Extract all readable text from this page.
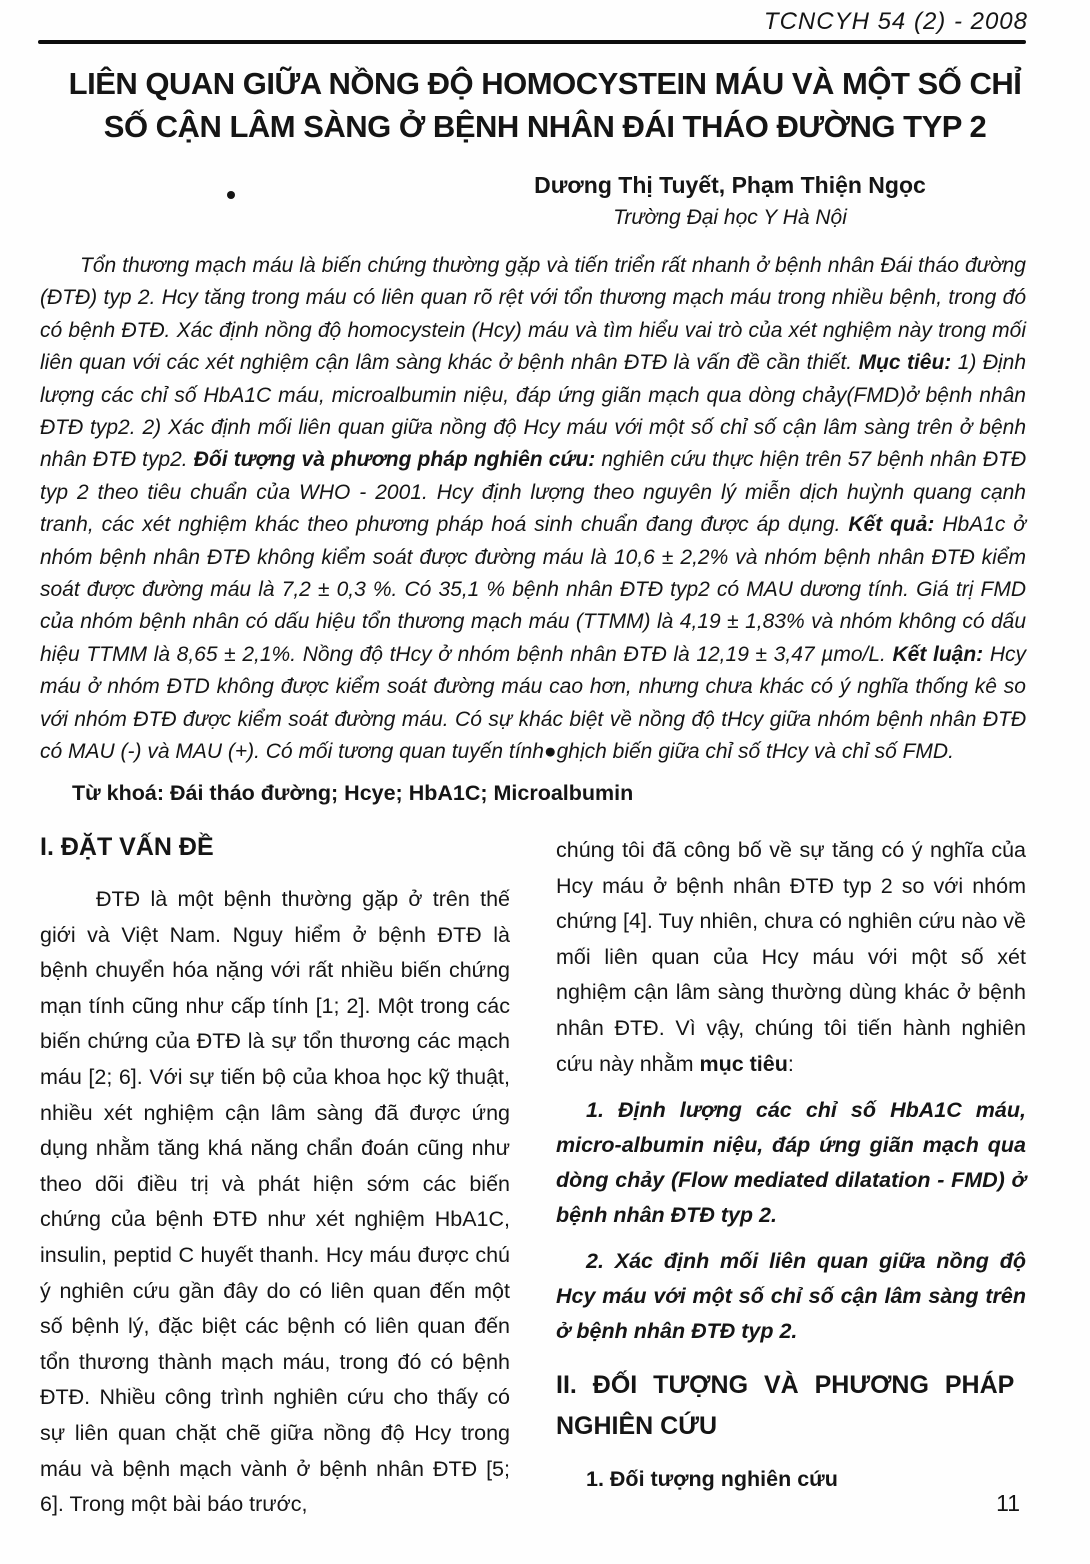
TCNCYH 54 (2) - 2008
LIÊN QUAN GIỮA NỒNG ĐỘ HOMOCYSTEIN MÁU VÀ MỘT SỐ CHỈ
SỐ CẬN LÂM SÀNG Ở BỆNH NHÂN ĐÁI THÁO ĐƯỜNG TYP 2
Dương Thị Tuyết, Phạm Thiện Ngọc
Trường Đại học Y Hà Nội

Tổn thương mạch máu là biến chứng thường gặp và tiến triển rất nhanh ở bệnh nhân Đái tháo đường (ĐTĐ) typ 2. Hcy tăng trong máu có liên quan rõ rệt với tổn thương mạch máu trong nhiều bệnh, trong đó có bệnh ĐTĐ. Xác định nồng độ homocystein (Hcy) máu và tìm hiểu vai trò của xét nghiệm này trong mối liên quan với các xét nghiệm cận lâm sàng khác ở bệnh nhân ĐTĐ là vấn đề cần thiết. Mục tiêu: 1) Định lượng các chỉ số HbA1C máu, microalbumin niệu, đáp ứng giãn mạch qua dòng chảy(FMD)ở bệnh nhân ĐTĐ typ2. 2) Xác định mối liên quan giữa nồng độ Hcy máu với một số chỉ số cận lâm sàng trên ở bệnh nhân ĐTĐ typ2. Đối tượng và phương pháp nghiên cứu: nghiên cứu thực hiện trên 57 bệnh nhân ĐTĐ typ 2 theo tiêu chuẩn của WHO - 2001. Hcy định lượng theo nguyên lý miễn dịch huỳnh quang cạnh tranh, các xét nghiệm khác theo phương pháp hoá sinh chuẩn đang được áp dụng. Kết quả: HbA1c ở nhóm bệnh nhân ĐTĐ không kiểm soát được đường máu là 10,6 ± 2,2% và nhóm bệnh nhân ĐTĐ kiểm soát được đường máu là 7,2 ± 0,3 %. Có 35,1 % bệnh nhân ĐTĐ typ2 có MAU dương tính. Giá trị FMD của nhóm bệnh nhân có dấu hiệu tổn thương mạch máu (TTMM) là 4,19 ± 1,83% và nhóm không có dấu hiệu TTMM là 8,65 ± 2,1%. Nồng độ tHcy ở nhóm bệnh nhân ĐTĐ là 12,19 ± 3,47 µmo/L. Kết luận: Hcy máu ở nhóm ĐTD không được kiểm soát đường máu cao hơn, nhưng chưa khác có ý nghĩa thống kê so với nhóm ĐTĐ được kiểm soát đường máu. Có sự khác biệt về nồng độ tHcy giữa nhóm bệnh nhân ĐTĐ có MAU (-) và MAU (+). Có mối tương quan tuyến tính●ghịch biến giữa chỉ số tHcy và chỉ số FMD.

Từ khoá: Đái tháo đường; Hcye; HbA1C; Microalbumin

I. ĐẶT VẤN ĐỀ

ĐTĐ là một bệnh thường gặp ở trên thế giới và Việt Nam. Nguy hiểm ở bệnh ĐTĐ là bệnh chuyển hóa nặng với rất nhiều biến chứng mạn tính cũng như cấp tính [1; 2]. Một trong các biến chứng của ĐTĐ là sự tổn thương các mạch máu [2; 6]. Với sự tiến bộ của khoa học kỹ thuật, nhiều xét nghiệm cận lâm sàng đã được ứng dụng nhằm tăng khá năng chẩn đoán cũng như theo dõi điều trị và phát hiện sớm các biến chứng của bệnh ĐTĐ như xét nghiệm HbA1C, insulin, peptid C huyết thanh. Hcy máu được chú ý nghiên cứu gần đây do có liên quan đến một số bệnh lý, đặc biệt các bệnh có liên quan đến tổn thương thành mạch máu, trong đó có bệnh ĐTĐ. Nhiều công trình nghiên cứu cho thấy có sự liên quan chặt chẽ giữa nồng độ Hcy trong máu và bệnh mạch vành ở bệnh nhân ĐTĐ [5; 6]. Trong một bài báo trước,

chúng tôi đã công bố về sự tăng có ý nghĩa của Hcy máu ở bệnh nhân ĐTĐ typ 2 so với nhóm chứng [4]. Tuy nhiên, chưa có nghiên cứu nào về mối liên quan của Hcy máu với một số xét nghiệm cận lâm sàng thường dùng khác ở bệnh nhân ĐTĐ. Vì vậy, chúng tôi tiến hành nghiên cứu này nhằm mục tiêu:

1. Định lượng các chỉ số HbA1C máu, micro-albumin niệu, đáp ứng giãn mạch qua dòng chảy (Flow mediated dilatation - FMD) ở bệnh nhân ĐTĐ typ 2.

2. Xác định mối liên quan giữa nồng độ Hcy máu với một số chỉ số cận lâm sàng trên ở bệnh nhân ĐTĐ typ 2.

II. ĐỐI TƯỢNG VÀ PHƯƠNG PHÁP
NGHIÊN CỨU

1. Đối tượng nghiên cứu

11
